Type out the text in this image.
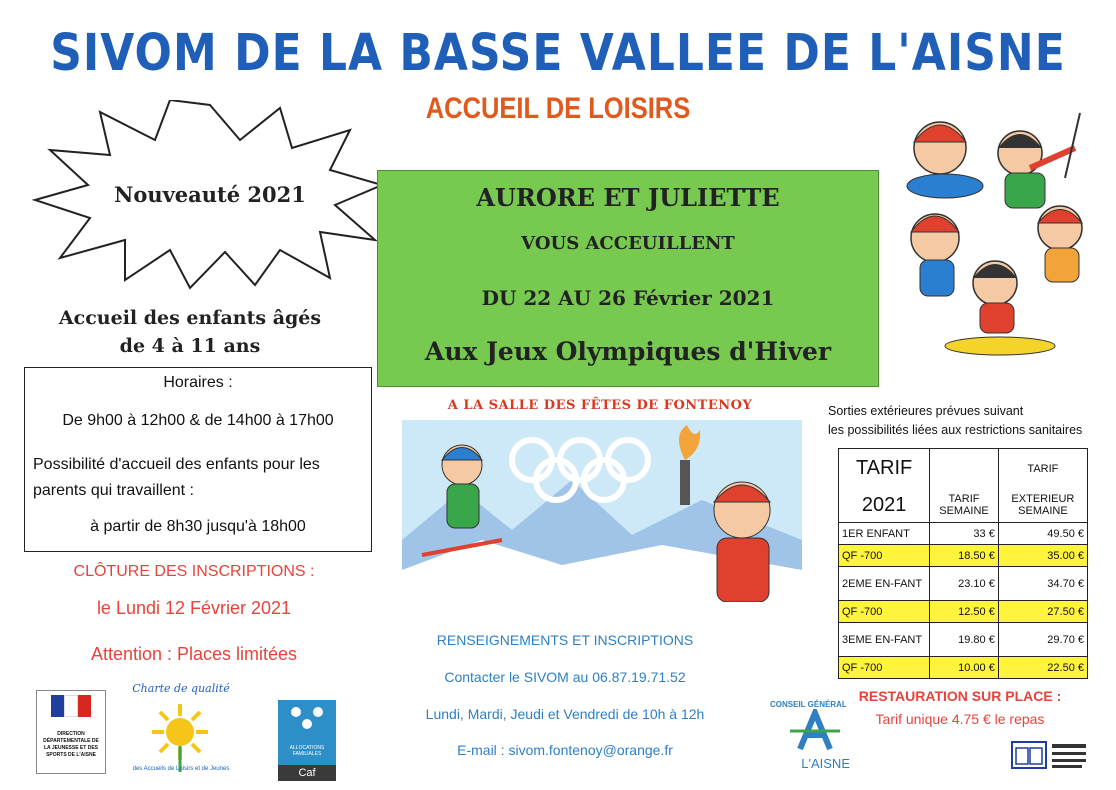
SIVOM DE LA BASSE VALLEE DE L'AISNE
ACCUEIL DE LOISIRS
Nouveauté 2021
Accueil des enfants âgés
de 4 à 11 ans
Horaires :
De 9h00 à 12h00 & de 14h00 à 17h00
Possibilité d'accueil des enfants pour les
parents qui travaillent :
à partir de 8h30 jusqu'à 18h00
AURORE ET JULIETTE
VOUS ACCEUILLENT
DU 22 AU 26 Février 2021
Aux Jeux Olympiques d'Hiver
A LA SALLE DES FÊTES DE FONTENOY	Sorties extérieures prévues suivant
les possibilités liées aux restrictions sanitaires
TARIF		TARIF
2021	TARIF SEMAINE	EXTERIEUR SEMAINE
1ER ENFANT	33 €	49.50 €
QF -700	18.50 €	35.00 €
2EME EN-FANT	23.10 €	34.70 €
QF -700	12.50 €	27.50 €
3EME EN-FANT	19.80 €	29.70 €
QF -700	10.00 €	22.50 €
CLÔTURE DES INSCRIPTIONS :
le Lundi 12 Février 2021
Attention : Places limitées
RENSEIGNEMENTS ET INSCRIPTIONS
Contacter le SIVOM au 06.87.19.71.52
Lundi, Mardi, Jeudi et Vendredi de 10h à 12h
E-mail : sivom.fontenoy@orange.fr
RESTAURATION SUR PLACE :
Tarif unique 4.75 € le repas
DIRECTION DÉPARTEMENTALE DE LA JEUNESSE ET DES SPORTS DE L'AISNE
Charte de qualité
des Accueils de Loisirs et de Jeunes
ALLOCATIONS FAMILIALES
Caf
CONSEIL GÉNÉRAL
L'AISNE
